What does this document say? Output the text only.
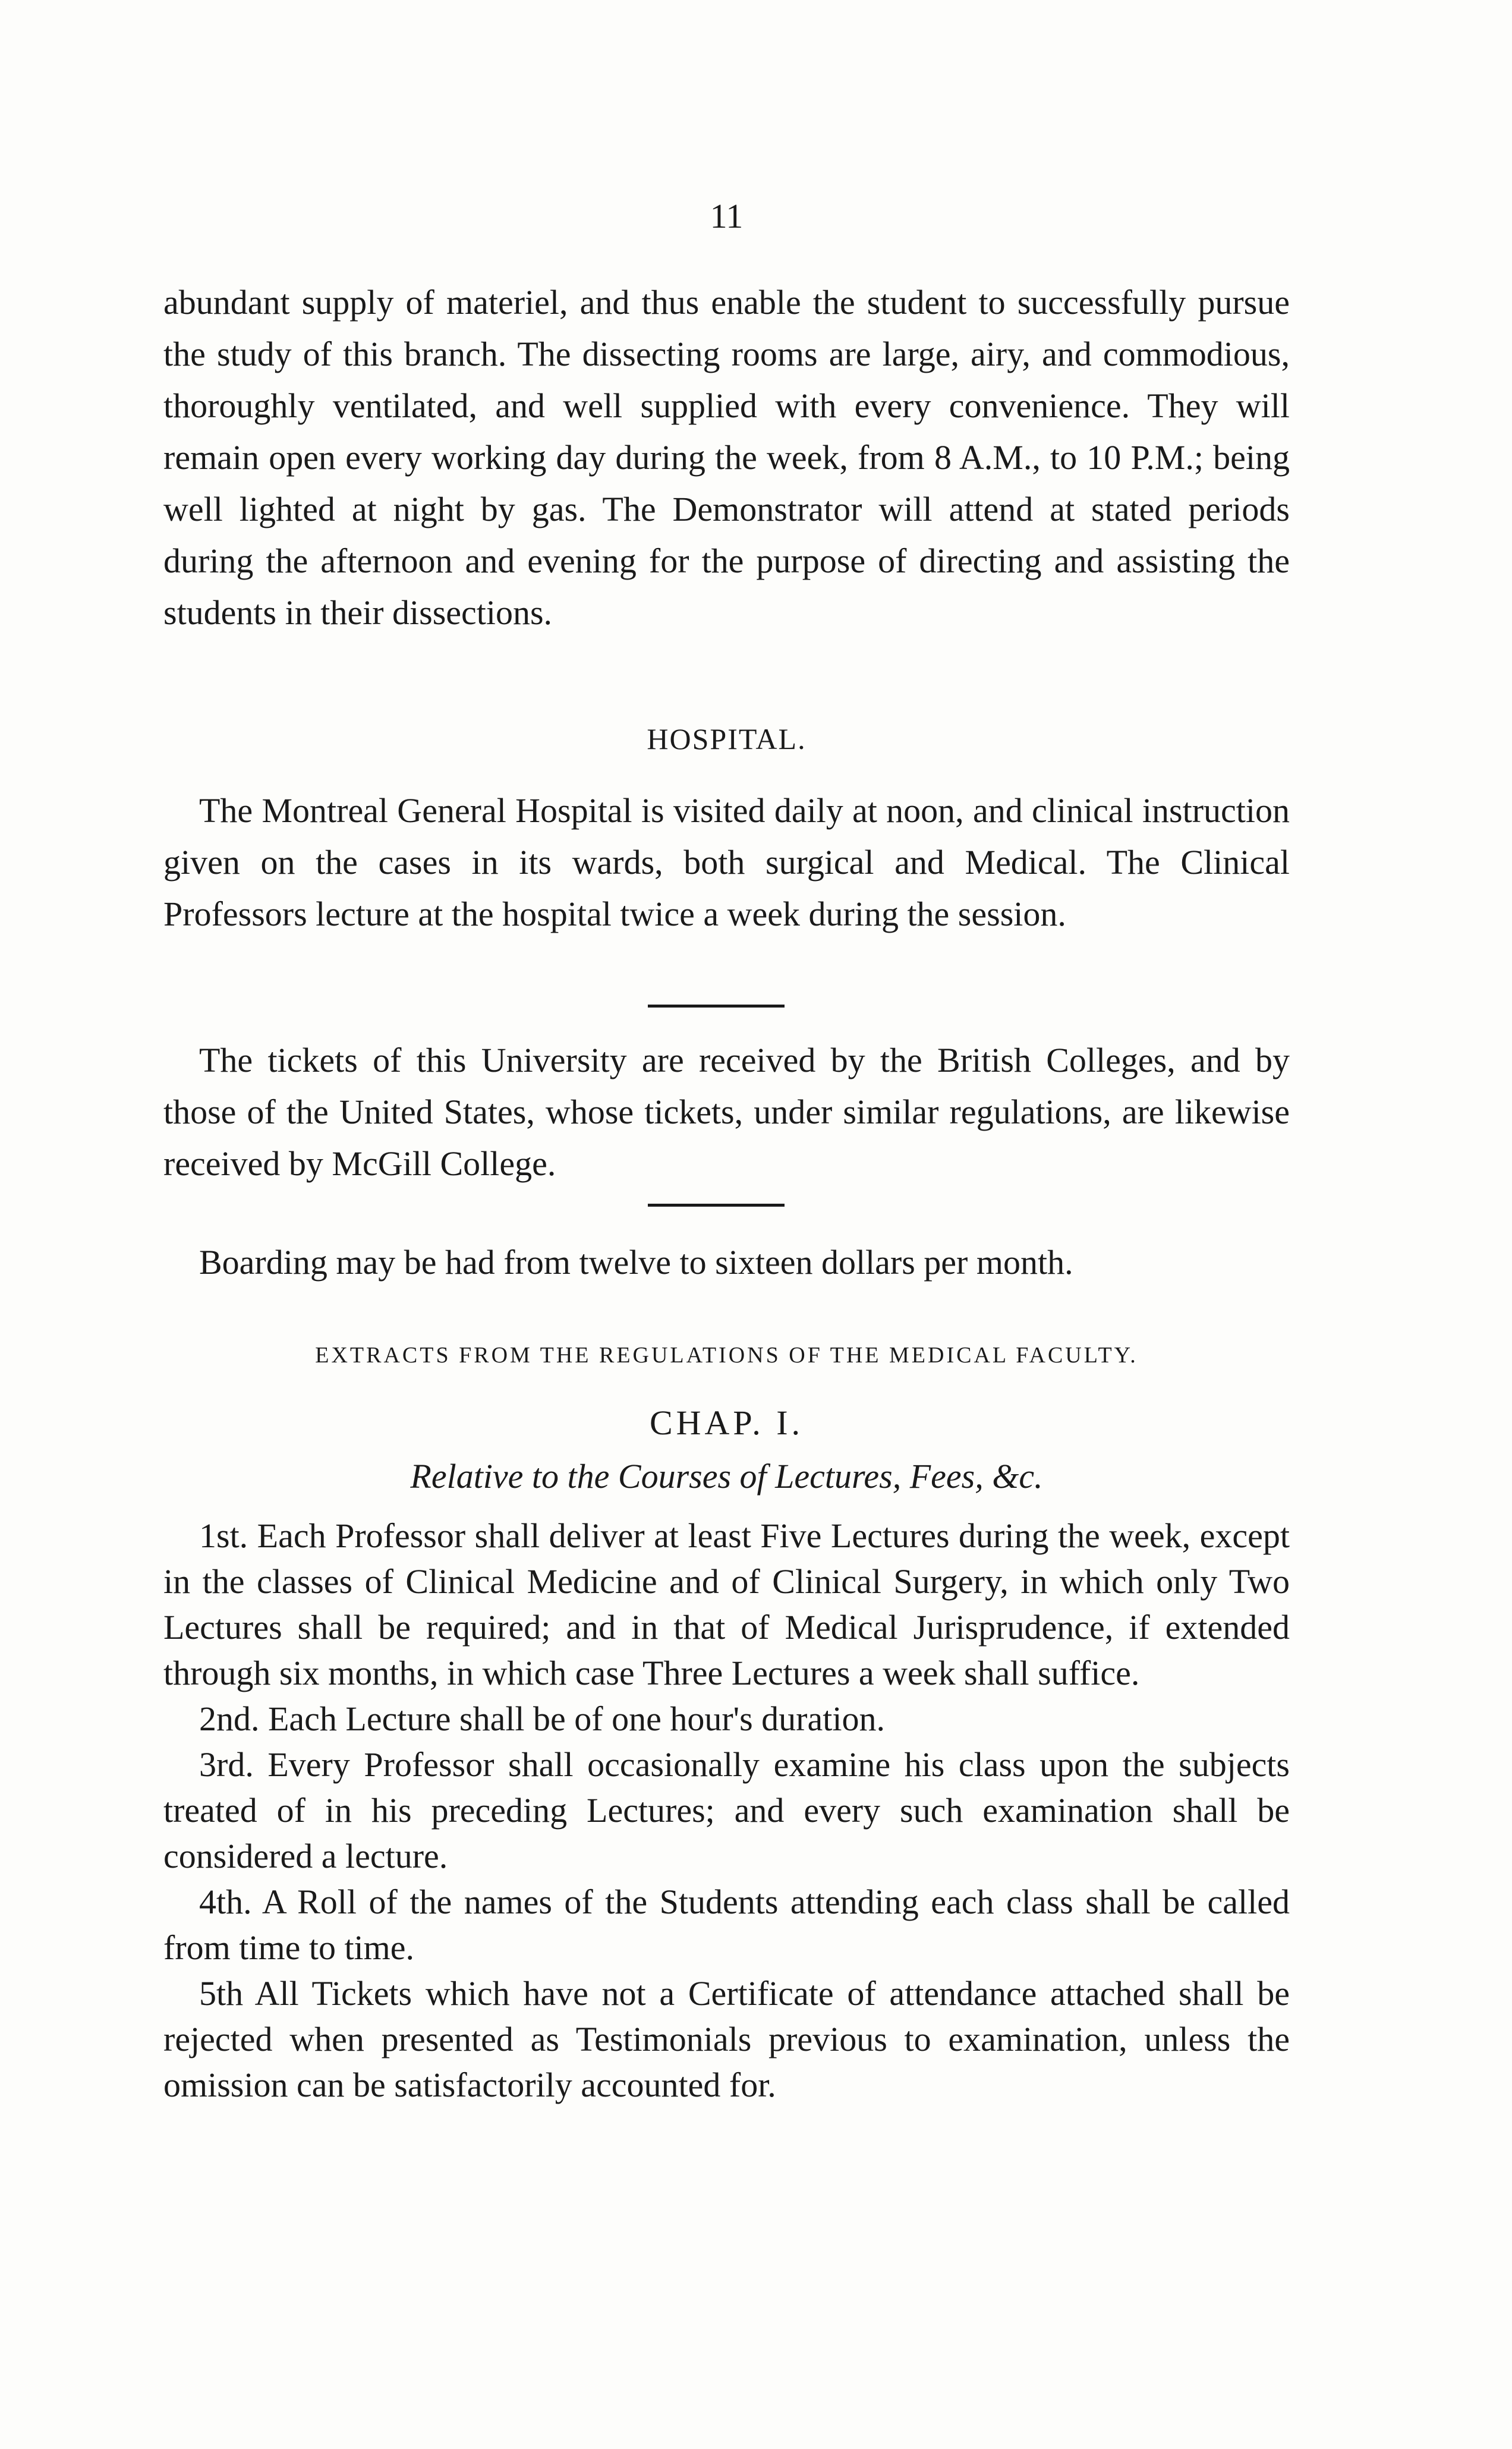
11

abundant supply of materiel, and thus enable the student to successfully pursue the study of this branch. The dissecting rooms are large, airy, and commodious, thoroughly ventilated, and well supplied with every convenience. They will remain open every working day during the week, from 8 A.M., to 10 P.M.; being well lighted at night by gas. The Demonstrator will attend at stated periods during the afternoon and evening for the purpose of directing and assisting the students in their dissections.

HOSPITAL.

The Montreal General Hospital is visited daily at noon, and clinical instruction given on the cases in its wards, both surgical and Medical. The Clinical Professors lecture at the hospital twice a week during the session.

The tickets of this University are received by the British Colleges, and by those of the United States, whose tickets, under similar regulations, are likewise received by McGill College.

Boarding may be had from twelve to sixteen dollars per month.

EXTRACTS FROM THE REGULATIONS OF THE MEDICAL FACULTY.
CHAP. I.
Relative to the Courses of Lectures, Fees, &c.

1st. Each Professor shall deliver at least Five Lectures during the week, except in the classes of Clinical Medicine and of Clinical Surgery, in which only Two Lectures shall be required; and in that of Medical Jurisprudence, if extended through six months, in which case Three Lectures a week shall suffice.

2nd. Each Lecture shall be of one hour's duration.

3rd. Every Professor shall occasionally examine his class upon the subjects treated of in his preceding Lectures; and every such examination shall be considered a lecture.

4th. A Roll of the names of the Students attending each class shall be called from time to time.

5th All Tickets which have not a Certificate of attendance attached shall be rejected when presented as Testimonials previous to examination, unless the omission can be satisfactorily accounted for.
